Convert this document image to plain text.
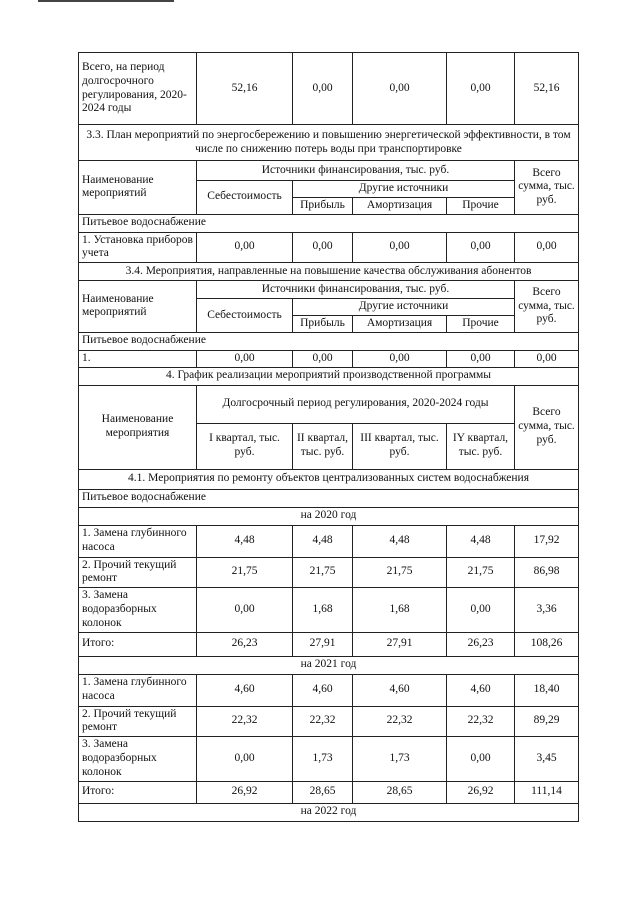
Всего, на период долгосрочного регулирования, 2020-2024 годы	52,16	0,00	0,00	0,00	52,16
3.3. План мероприятий по энергосбережению и повышению энергетической эффективности, в том числе по снижению потерь воды при транспортировке					
Наименование мероприятий	Источники финансирования, тыс. руб.				Всего сумма, тыс. руб.
	Себестоимость	Другие источники			
		Прибыль	Амортизация	Прочие	
Питьевое водоснабжение					
1. Установка приборов учета	0,00	0,00	0,00	0,00	0,00
3.4. Мероприятия, направленные на повышение качества обслуживания абонентов					
Наименование мероприятий	Источники финансирования, тыс. руб.				Всего сумма, тыс. руб.
	Себестоимость	Другие источники			
		Прибыль	Амортизация	Прочие	
Питьевое водоснабжение					
1.	0,00	0,00	0,00	0,00	0,00
4. График реализации мероприятий производственной программы					
Наименование мероприятия	Долгосрочный период регулирования, 2020-2024 годы				Всего сумма, тыс. руб.
	I квартал, тыс. руб.	II квартал, тыс. руб.	III квартал, тыс. руб.	IY квартал, тыс. руб.	
4.1. Мероприятия по ремонту объектов централизованных систем водоснабжения					
Питьевое водоснабжение					
на 2020 год					
1. Замена глубинного насоса	4,48	4,48	4,48	4,48	17,92
2. Прочий текущий ремонт	21,75	21,75	21,75	21,75	86,98
3. Замена водоразборных колонок	0,00	1,68	1,68	0,00	3,36
Итого:	26,23	27,91	27,91	26,23	108,26
на 2021 год					
1. Замена глубинного насоса	4,60	4,60	4,60	4,60	18,40
2. Прочий текущий ремонт	22,32	22,32	22,32	22,32	89,29
3. Замена водоразборных колонок	0,00	1,73	1,73	0,00	3,45
Итого:	26,92	28,65	28,65	26,92	111,14
на 2022 год					
